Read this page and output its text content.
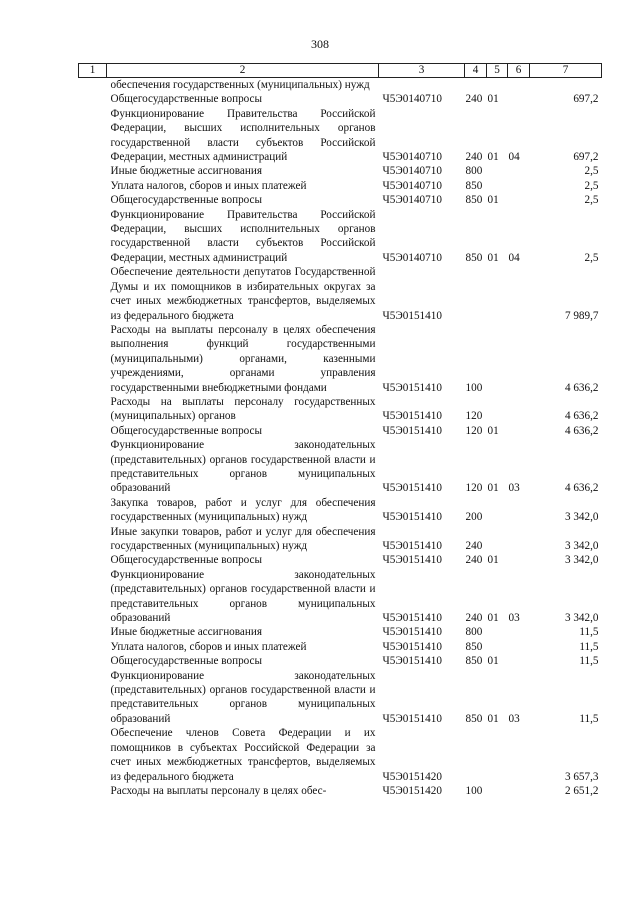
308
1	2	3	4	5	6	7
	обеспечения государственных (муниципальных) нужд					
	Общегосударственные вопросы	Ч5Э0140710	240	01		697,2
	Функционирование Правительства Российской Федерации, высших исполнительных органов государственной власти субъектов Российской Федерации, местных администраций	Ч5Э0140710	240	01	04	697,2
	Иные бюджетные ассигнования	Ч5Э0140710	800			2,5
	Уплата налогов, сборов и иных платежей	Ч5Э0140710	850			2,5
	Общегосударственные вопросы	Ч5Э0140710	850	01		2,5
	Функционирование Правительства Российской Федерации, высших исполнительных органов государственной власти субъектов Российской Федерации, местных администраций	Ч5Э0140710	850	01	04	2,5
	Обеспечение деятельности депутатов Государственной Думы и их помощников в избирательных округах за счет иных межбюджетных трансфертов, выделяемых из федерального бюджета	Ч5Э0151410				7 989,7
	Расходы на выплаты персоналу в целях обеспечения выполнения функций государственными (муниципальными) органами, казенными учреждениями, органами управления государственными внебюджетными фондами	Ч5Э0151410	100			4 636,2
	Расходы на выплаты персоналу государственных (муниципальных) органов	Ч5Э0151410	120			4 636,2
	Общегосударственные вопросы	Ч5Э0151410	120	01		4 636,2
	Функционирование законодательных (представительных) органов государственной власти и представительных органов муниципальных образований	Ч5Э0151410	120	01	03	4 636,2
	Закупка товаров, работ и услуг для обеспечения государственных (муниципальных) нужд	Ч5Э0151410	200			3 342,0
	Иные закупки товаров, работ и услуг для обеспечения государственных (муниципальных) нужд	Ч5Э0151410	240			3 342,0
	Общегосударственные вопросы	Ч5Э0151410	240	01		3 342,0
	Функционирование законодательных (представительных) органов государственной власти и представительных органов муниципальных образований	Ч5Э0151410	240	01	03	3 342,0
	Иные бюджетные ассигнования	Ч5Э0151410	800			11,5
	Уплата налогов, сборов и иных платежей	Ч5Э0151410	850			11,5
	Общегосударственные вопросы	Ч5Э0151410	850	01		11,5
	Функционирование законодательных (представительных) органов государственной власти и представительных органов муниципальных образований	Ч5Э0151410	850	01	03	11,5
	Обеспечение членов Совета Федерации и их помощников в субъектах Российской Федерации за счет иных межбюджетных трансфертов, выделяемых из федерального бюджета	Ч5Э0151420				3 657,3
	Расходы на выплаты персоналу в целях обес-	Ч5Э0151420	100			2 651,2
